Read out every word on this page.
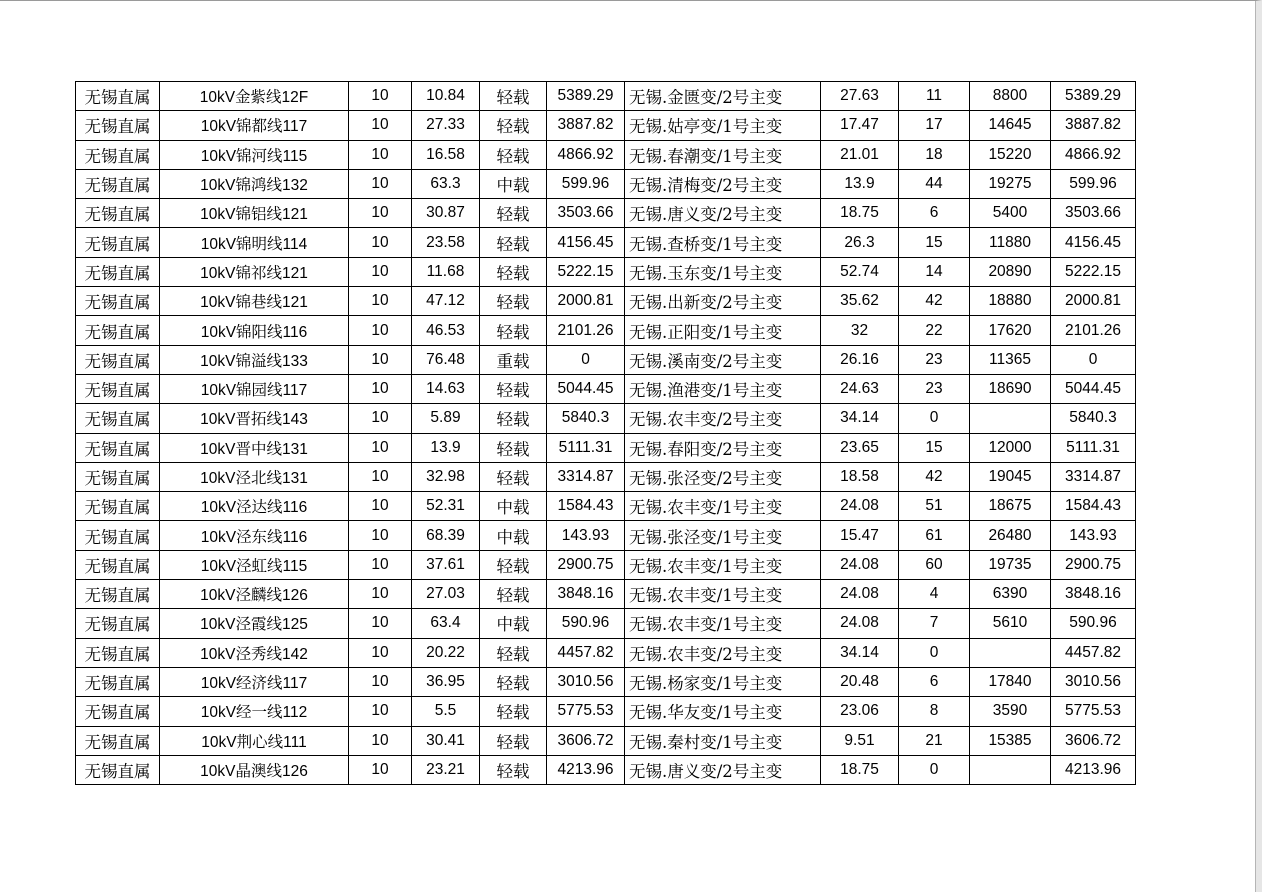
无锡直属	10kV金紫线12F	10	10.84	轻载	5389.29	无锡.金匮变/2号主变	27.63	11	8800	5389.29
无锡直属	10kV锦都线117	10	27.33	轻载	3887.82	无锡.姑亭变/1号主变	17.47	17	14645	3887.82
无锡直属	10kV锦河线115	10	16.58	轻载	4866.92	无锡.春潮变/1号主变	21.01	18	15220	4866.92
无锡直属	10kV锦鸿线132	10	63.3	中载	599.96	无锡.清梅变/2号主变	13.9	44	19275	599.96
无锡直属	10kV锦铝线121	10	30.87	轻载	3503.66	无锡.唐义变/2号主变	18.75	6	5400	3503.66
无锡直属	10kV锦明线114	10	23.58	轻载	4156.45	无锡.查桥变/1号主变	26.3	15	11880	4156.45
无锡直属	10kV锦祁线121	10	11.68	轻载	5222.15	无锡.玉东变/1号主变	52.74	14	20890	5222.15
无锡直属	10kV锦巷线121	10	47.12	轻载	2000.81	无锡.出新变/2号主变	35.62	42	18880	2000.81
无锡直属	10kV锦阳线116	10	46.53	轻载	2101.26	无锡.正阳变/1号主变	32	22	17620	2101.26
无锡直属	10kV锦溢线133	10	76.48	重载	0	无锡.溪南变/2号主变	26.16	23	11365	0
无锡直属	10kV锦园线117	10	14.63	轻载	5044.45	无锡.渔港变/1号主变	24.63	23	18690	5044.45
无锡直属	10kV晋拓线143	10	5.89	轻载	5840.3	无锡.农丰变/2号主变	34.14	0		5840.3
无锡直属	10kV晋中线131	10	13.9	轻载	5111.31	无锡.春阳变/2号主变	23.65	15	12000	5111.31
无锡直属	10kV泾北线131	10	32.98	轻载	3314.87	无锡.张泾变/2号主变	18.58	42	19045	3314.87
无锡直属	10kV泾达线116	10	52.31	中载	1584.43	无锡.农丰变/1号主变	24.08	51	18675	1584.43
无锡直属	10kV泾东线116	10	68.39	中载	143.93	无锡.张泾变/1号主变	15.47	61	26480	143.93
无锡直属	10kV泾虹线115	10	37.61	轻载	2900.75	无锡.农丰变/1号主变	24.08	60	19735	2900.75
无锡直属	10kV泾麟线126	10	27.03	轻载	3848.16	无锡.农丰变/1号主变	24.08	4	6390	3848.16
无锡直属	10kV泾霞线125	10	63.4	中载	590.96	无锡.农丰变/1号主变	24.08	7	5610	590.96
无锡直属	10kV泾秀线142	10	20.22	轻载	4457.82	无锡.农丰变/2号主变	34.14	0		4457.82
无锡直属	10kV经济线117	10	36.95	轻载	3010.56	无锡.杨家变/1号主变	20.48	6	17840	3010.56
无锡直属	10kV经一线112	10	5.5	轻载	5775.53	无锡.华友变/1号主变	23.06	8	3590	5775.53
无锡直属	10kV荆心线111	10	30.41	轻载	3606.72	无锡.秦村变/1号主变	9.51	21	15385	3606.72
无锡直属	10kV晶澳线126	10	23.21	轻载	4213.96	无锡.唐义变/2号主变	18.75	0		4213.96
